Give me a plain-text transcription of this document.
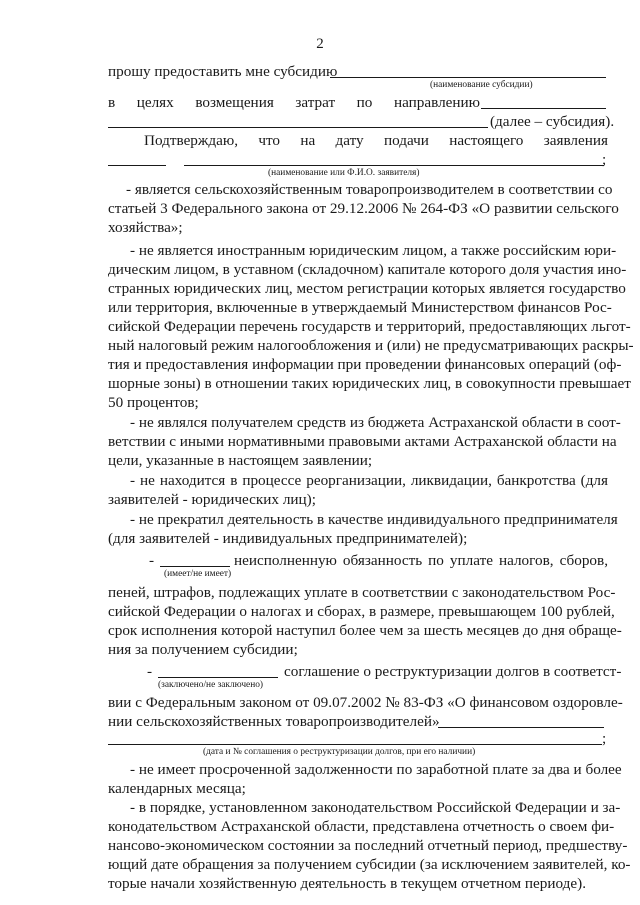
2
прошу предоставить мне субсидию
(наименование субсидии)
в целях возмещения затрат по направлению
(далее – субсидия).
Подтверждаю, что на дату подачи настоящего заявления
;
(наименование или Ф.И.О. заявителя)
- является сельскохозяйственным товаропроизводителем в соответствии со
статьей 3 Федерального закона от 29.12.2006 № 264-ФЗ «О развитии сельского
хозяйства»;
- не является иностранным юридическим лицом, а также российским юри-
дическим лицом, в уставном (складочном) капитале которого доля участия ино-
странных юридических лиц, местом регистрации которых является государство
или территория, включенные в утверждаемый Министерством финансов Рос-
сийской Федерации перечень государств и территорий, предоставляющих льгот-
ный налоговый режим налогообложения и (или) не предусматривающих раскры-
тия и предоставления информации при проведении финансовых операций (оф-
шорные зоны) в отношении таких юридических лиц, в совокупности превышает
50 процентов;
- не являлся получателем средств из бюджета Астраханской области в соот-
ветствии с иными нормативными правовыми актами Астраханской области на
цели, указанные в настоящем заявлении;
- не находится в процессе реорганизации, ликвидации, банкротства (для
заявителей - юридических лиц);
- не прекратил деятельность в качестве индивидуального предпринимателя
(для заявителей - индивидуальных предпринимателей);
-	неисполненную обязанность по уплате налогов, сборов,
(имеет/не имеет)
пеней, штрафов, подлежащих уплате в соответствии с законодательством Рос-
сийской Федерации о налогах и сборах, в размере, превышающем 100 рублей,
срок исполнения которой наступил более чем за шесть месяцев до дня обраще-
ния за получением субсидии;
-	соглашение о реструктуризации долгов в соответст-
(заключено/не заключено)
вии с Федеральным законом от 09.07.2002 № 83-ФЗ «О финансовом оздоровле-
нии сельскохозяйственных товаропроизводителей»
;
(дата и № соглашения о реструктуризации долгов, при его наличии)
- не имеет просроченной задолженности по заработной плате за два и более
календарных месяца;
- в порядке, установленном законодательством Российской Федерации и за-
конодательством Астраханской области, представлена отчетность о своем фи-
нансово-экономическом состоянии за последний отчетный период, предшеству-
ющий дате обращения за получением субсидии (за исключением заявителей, ко-
торые начали хозяйственную деятельность в текущем отчетном периоде).
